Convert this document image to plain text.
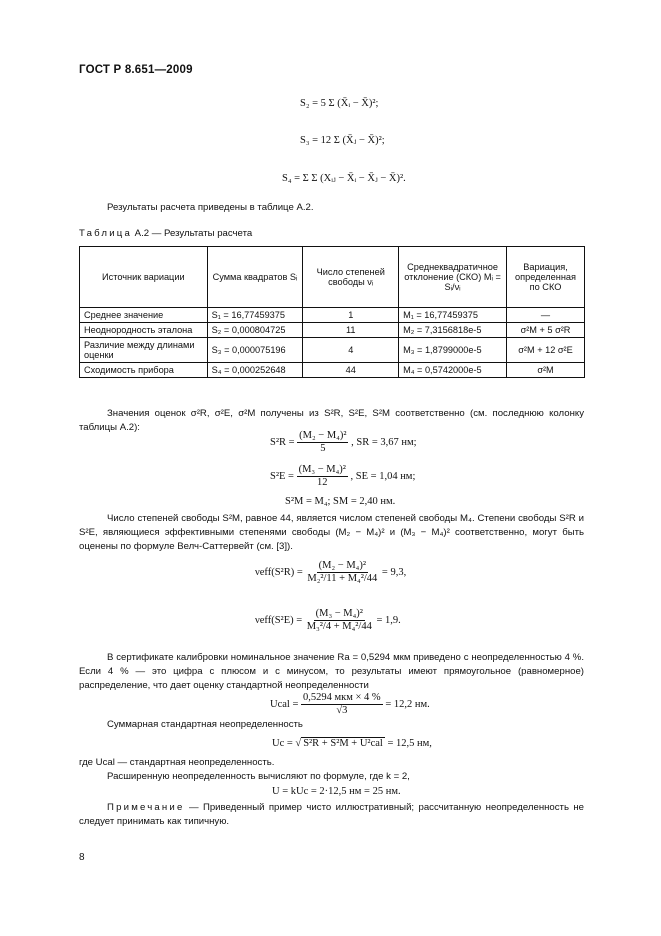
ГОСТ Р 8.651—2009
S₂ = 5 Σ (X̄ᵢ − X̄)²;
S₃ = 12 Σ (X̄ⱼ − X̄)²;
S₄ = Σ Σ (Xᵢⱼ − X̄ᵢ − X̄ⱼ − X̄)².
Результаты расчета приведены в таблице А.2.
Таблица А.2 — Результаты расчета
Источник вариации	Сумма квадратов Sᵢ	Число степеней свободы νᵢ	Среднеквадратичное отклонение (СКО) Mᵢ = Sᵢ/νᵢ	Вариация, определенная по СКО
Среднее значение	S₁ = 16,77459375	1	M₁ = 16,77459375	—
Неоднородность эталона	S₂ = 0,000804725	11	M₂ = 7,3156818e-5	σ²M + 5 σ²R
Различие между длинами оценки	S₃ = 0,000075196	4	M₃ = 1,8799000e-5	σ²M + 12 σ²E
Сходимость прибора	S₄ = 0,000252648	44	M₄ = 0,5742000e-5	σ²M
Значения оценок σ²R, σ²E, σ²M получены из S²R, S²E, S²M соответственно (см. последнюю колонку таблицы А.2):
$S^2R = \frac{\text{(M₂ − M₄)²}}{5}$ , SR = 3,67 нм;
$S^2E = \frac{\text{(M₃ − M₄)²}}{12}$ , SE = 1,04 нм;
S²M = M₄; SM = 2,40 нм.
Число степеней свободы S²M, равное 44, является числом степеней свободы M₄. Степени свободы S²R и S²E, являющиеся эффективными степенями свободы (M₂ − M₄)² и (M₃ − M₄)² соответственно, могут быть оценены по формуле Велч-Саттервейт (см. [3]).
$\nu eff(S^2R) = \frac{\text{(M₂ − M₄)²}}{\text{M₂²/11 + M₄²/44}} = 9,3$,
$\nu eff(S^2E) = \frac{\text{(M₃ − M₄)²}}{\text{M₃²/4 + M₄²/44}} = 1,9$.
В сертификате калибровки номинальное значение Ra = 0,5294 мкм приведено с неопределенностью 4 %. Если 4 % — это цифра с плюсом и с минусом, то результаты имеют прямоугольное (равномерное) распределение, что дает оценку стандартной неопределенности
Ucal = $\frac{\text{0,5294 мкм × 4 \%}}{√3} = 12,2$ нм.
Суммарная стандартная неопределенность
Uc = √ S²R + S²M + U²cal = 12,5 нм,
где Ucal — стандартная неопределенность.
Расширенную неопределенность вычисляют по формуле, где k = 2,
U = kUc = 2·12,5 нм = 25 нм.
Примечание — Приведенный пример чисто иллюстративный; рассчитанную неопределенность не следует принимать как типичную.
8
